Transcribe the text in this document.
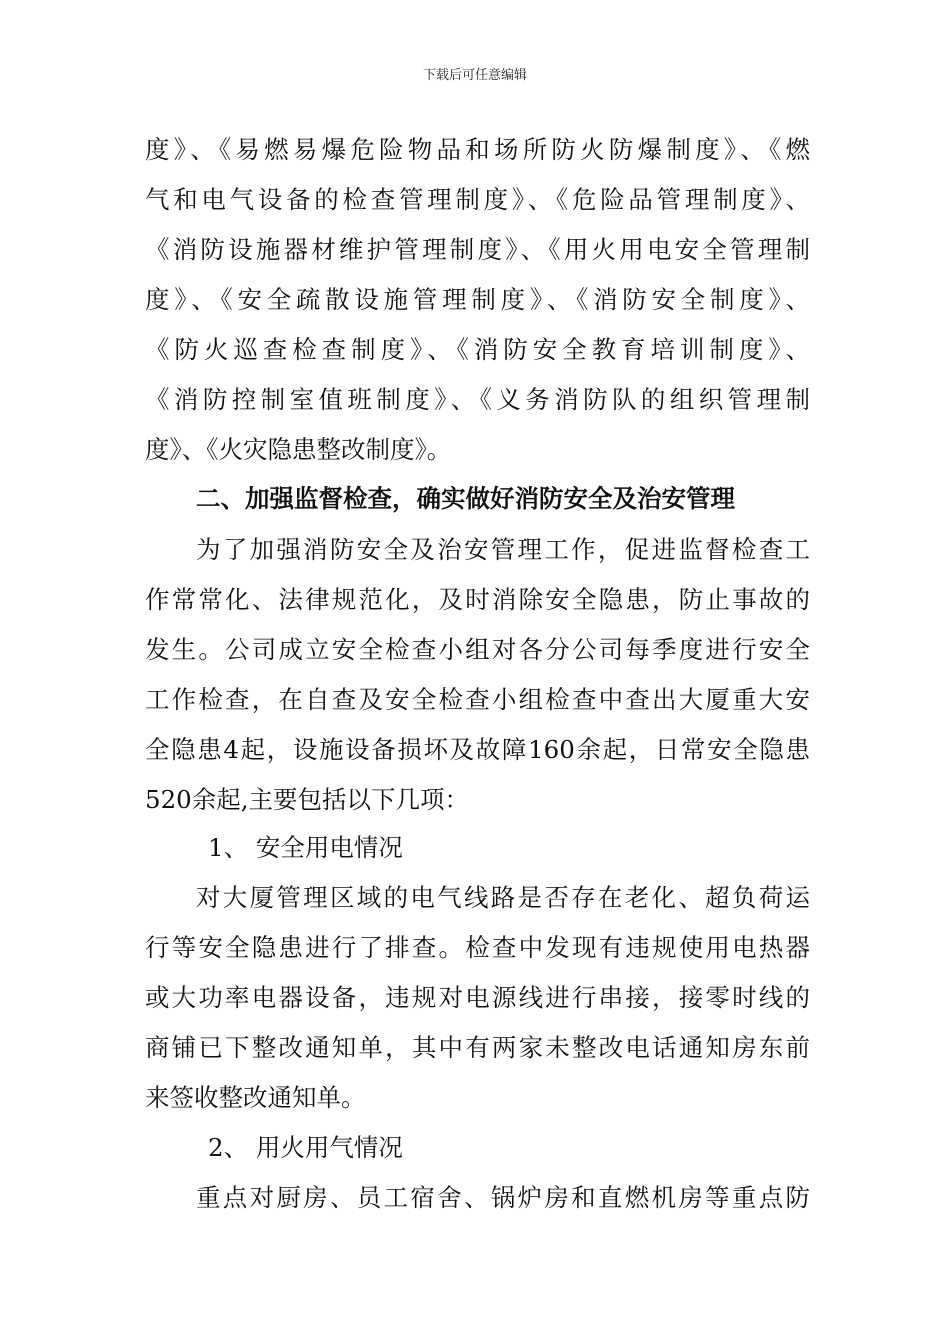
下载后可任意编辑
度》、《易燃易爆危险物品和场所防火防爆制度》、《燃
气和电气设备的检查管理制度》、《危险品管理制度》、
《消防设施器材维护管理制度》、《用火用电安全管理制
度》、《安全疏散设施管理制度》、《消防安全制度》、
《防火巡查检查制度》、《消防安全教育培训制度》、
《消防控制室值班制度》、《义务消防队的组织管理制
度》、《火灾隐患整改制度》。
二、加强监督检查，确实做好消防安全及治安管理
为了加强消防安全及治安管理工作，促进监督检查工
作常常化、法律规范化，及时消除安全隐患，防止事故的
发生。公司成立安全检查小组对各分公司每季度进行安全
工作检查，在自查及安全检查小组检查中查出大厦重大安
全隐患4起，设施设备损坏及故障160余起，日常安全隐患
520余起,主要包括以下几项：
1、 安全用电情况
对大厦管理区域的电气线路是否存在老化、超负荷运
行等安全隐患进行了排查。检查中发现有违规使用电热器
或大功率电器设备，违规对电源线进行串接，接零时线的
商铺已下整改通知单，其中有两家未整改电话通知房东前
来签收整改通知单。
2、 用火用气情况
重点对厨房、员工宿舍、锅炉房和直燃机房等重点防
